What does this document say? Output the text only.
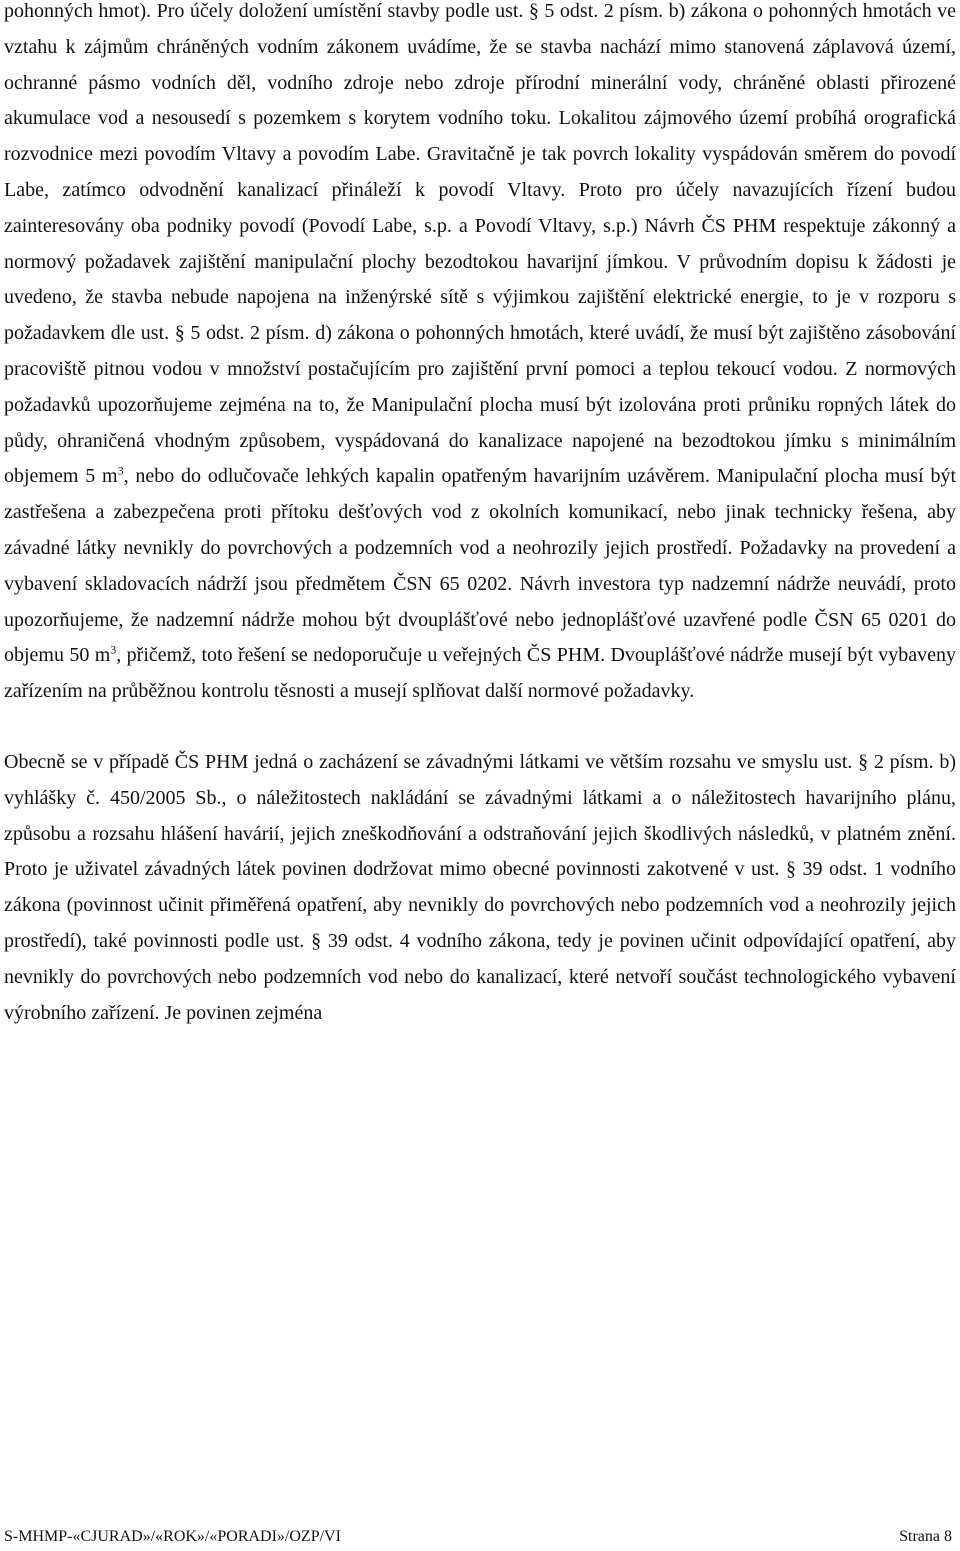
pohonných hmot). Pro účely doložení umístění stavby podle ust. § 5 odst. 2 písm. b) zákona o pohonných hmotách ve vztahu k zájmům chráněných vodním zákonem uvádíme, že se stavba nachází mimo stanovená záplavová území, ochranné pásmo vodních děl, vodního zdroje nebo zdroje přírodní minerální vody, chráněné oblasti přirozené akumulace vod a nesousedí s pozemkem s korytem vodního toku. Lokalitou zájmového území probíhá orografická rozvodnice mezi povodím Vltavy a povodím Labe. Gravitačně je tak povrch lokality vyspádován směrem do povodí Labe, zatímco odvodnění kanalizací přináleží k povodí Vltavy. Proto pro účely navazujících řízení budou zainteresovány oba podniky povodí (Povodí Labe, s.p. a Povodí Vltavy, s.p.) Návrh ČS PHM respektuje zákonný a normový požadavek zajištění manipulační plochy bezodtokou havarijní jímkou. V průvodním dopisu k žádosti je uvedeno, že stavba nebude napojena na inženýrské sítě s výjimkou zajištění elektrické energie, to je v rozporu s požadavkem dle ust. § 5 odst. 2 písm. d) zákona o pohonných hmotách, které uvádí, že musí být zajištěno zásobování pracoviště pitnou vodou v množství postačujícím pro zajištění první pomoci a teplou tekoucí vodou. Z normových požadavků upozorňujeme zejména na to, že Manipulační plocha musí být izolována proti průniku ropných látek do půdy, ohraničená vhodným způsobem, vyspádovaná do kanalizace napojené na bezodtokou jímku s minimálním objemem 5 $m^3$, nebo do odlučovače lehkých kapalin opatřeným havarijním uzávěrem. Manipulační plocha musí být zastřešena a zabezpečena proti přítoku dešťových vod z okolních komunikací, nebo jinak technicky řešena, aby závadné látky nevnikly do povrchových a podzemních vod a neohrozily jejich prostředí. Požadavky na provedení a vybavení skladovacích nádrží jsou předmětem ČSN 65 0202. Návrh investora typ nadzemní nádrže neuvádí, proto upozorňujeme, že nadzemní nádrže mohou být dvouplášťové nebo jednoplášťové uzavřené podle ČSN 65 0201 do objemu 50 $m^3$, přičemž, toto řešení se nedoporučuje u veřejných ČS PHM. Dvouplášťové nádrže musejí být vybaveny zařízením na průběžnou kontrolu těsnosti a musejí splňovat další normové požadavky.

Obecně se v případě ČS PHM jedná o zacházení se závadnými látkami ve větším rozsahu ve smyslu ust. § 2 písm. b) vyhlášky č. 450/2005 Sb., o náležitostech nakládání se závadnými látkami a o náležitostech havarijního plánu, způsobu a rozsahu hlášení havárií, jejich zneškodňování a odstraňování jejich škodlivých následků, v platném znění. Proto je uživatel závadných látek povinen dodržovat mimo obecné povinnosti zakotvené v ust. § 39 odst. 1 vodního zákona (povinnost učinit přiměřená opatření, aby nevnikly do povrchových nebo podzemních vod a neohrozily jejich prostředí), také povinnosti podle ust. § 39 odst. 4 vodního zákona, tedy je povinen učinit odpovídající opatření, aby nevnikly do povrchových nebo podzemních vod nebo do kanalizací, které netvoří součást technologického vybavení výrobního zařízení. Je povinen zejména

S-MHMP-«CJURAD»/«ROK»/«PORADI»/OZP/VI	Strana 8
